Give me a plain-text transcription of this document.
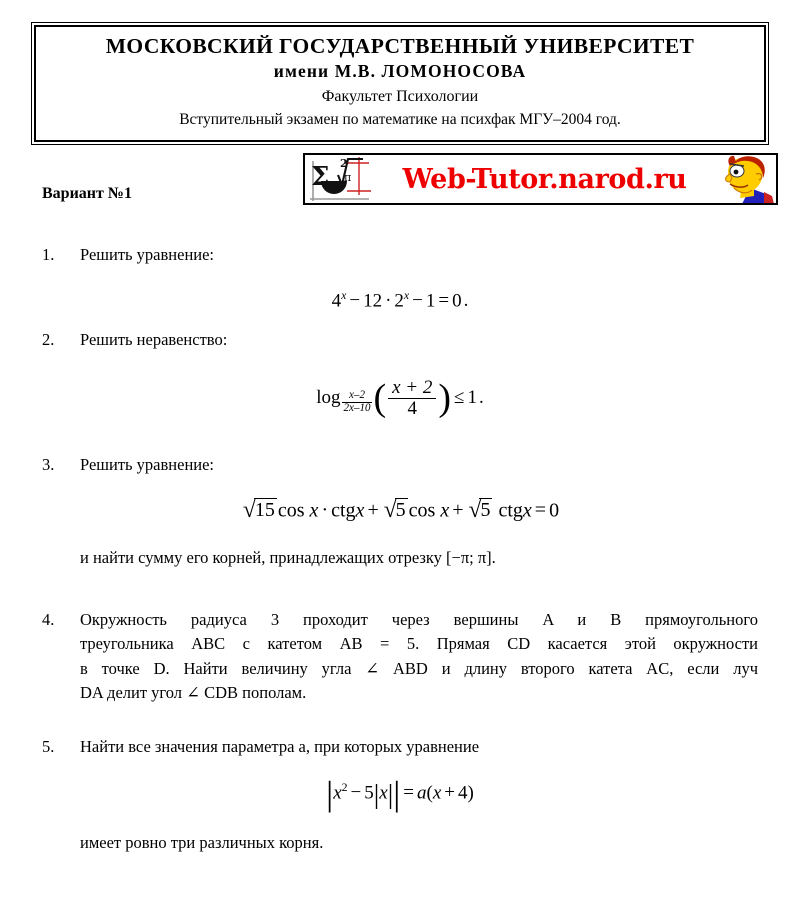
МОСКОВСКИЙ ГОСУДАРСТВЕННЫЙ УНИВЕРСИТЕТ
имени М.В. ЛОМОНОСОВА
Факультет Психологии
Вступительный экзамен по математике на психфак МГУ–2004 год.
Σ 2
π	Web-Tutor.narod.ru
Вариант №1
1.	Решить уравнение:
$4^x - 12 \cdot 2^x - 1 = 0$ .
2.	Решить неравенство:
$\log \frac{x-2}{2x-10}$ ( $\frac{x + 2}{4}$ ) ≤ 1 .
3.	Решить уравнение:
√15 cos x · ctgx + √5 cos x + √5 ctgx = 0
и найти сумму его корней, принадлежащих отрезку [−π; π].
4.	Окружность радиуса 3 проходит через вершины A и B прямоугольного
треугольника ABC с катетом AB = 5. Прямая CD касается этой окружности
в точке D. Найти величину угла ∠ ABD и длину второго катета AC, если луч
DA делит угол ∠ CDB пополам.
5.	Найти все значения параметра a, при которых уравнение
$|x^2 - 5|x|| = a(x + 4)$
имеет ровно три различных корня.
